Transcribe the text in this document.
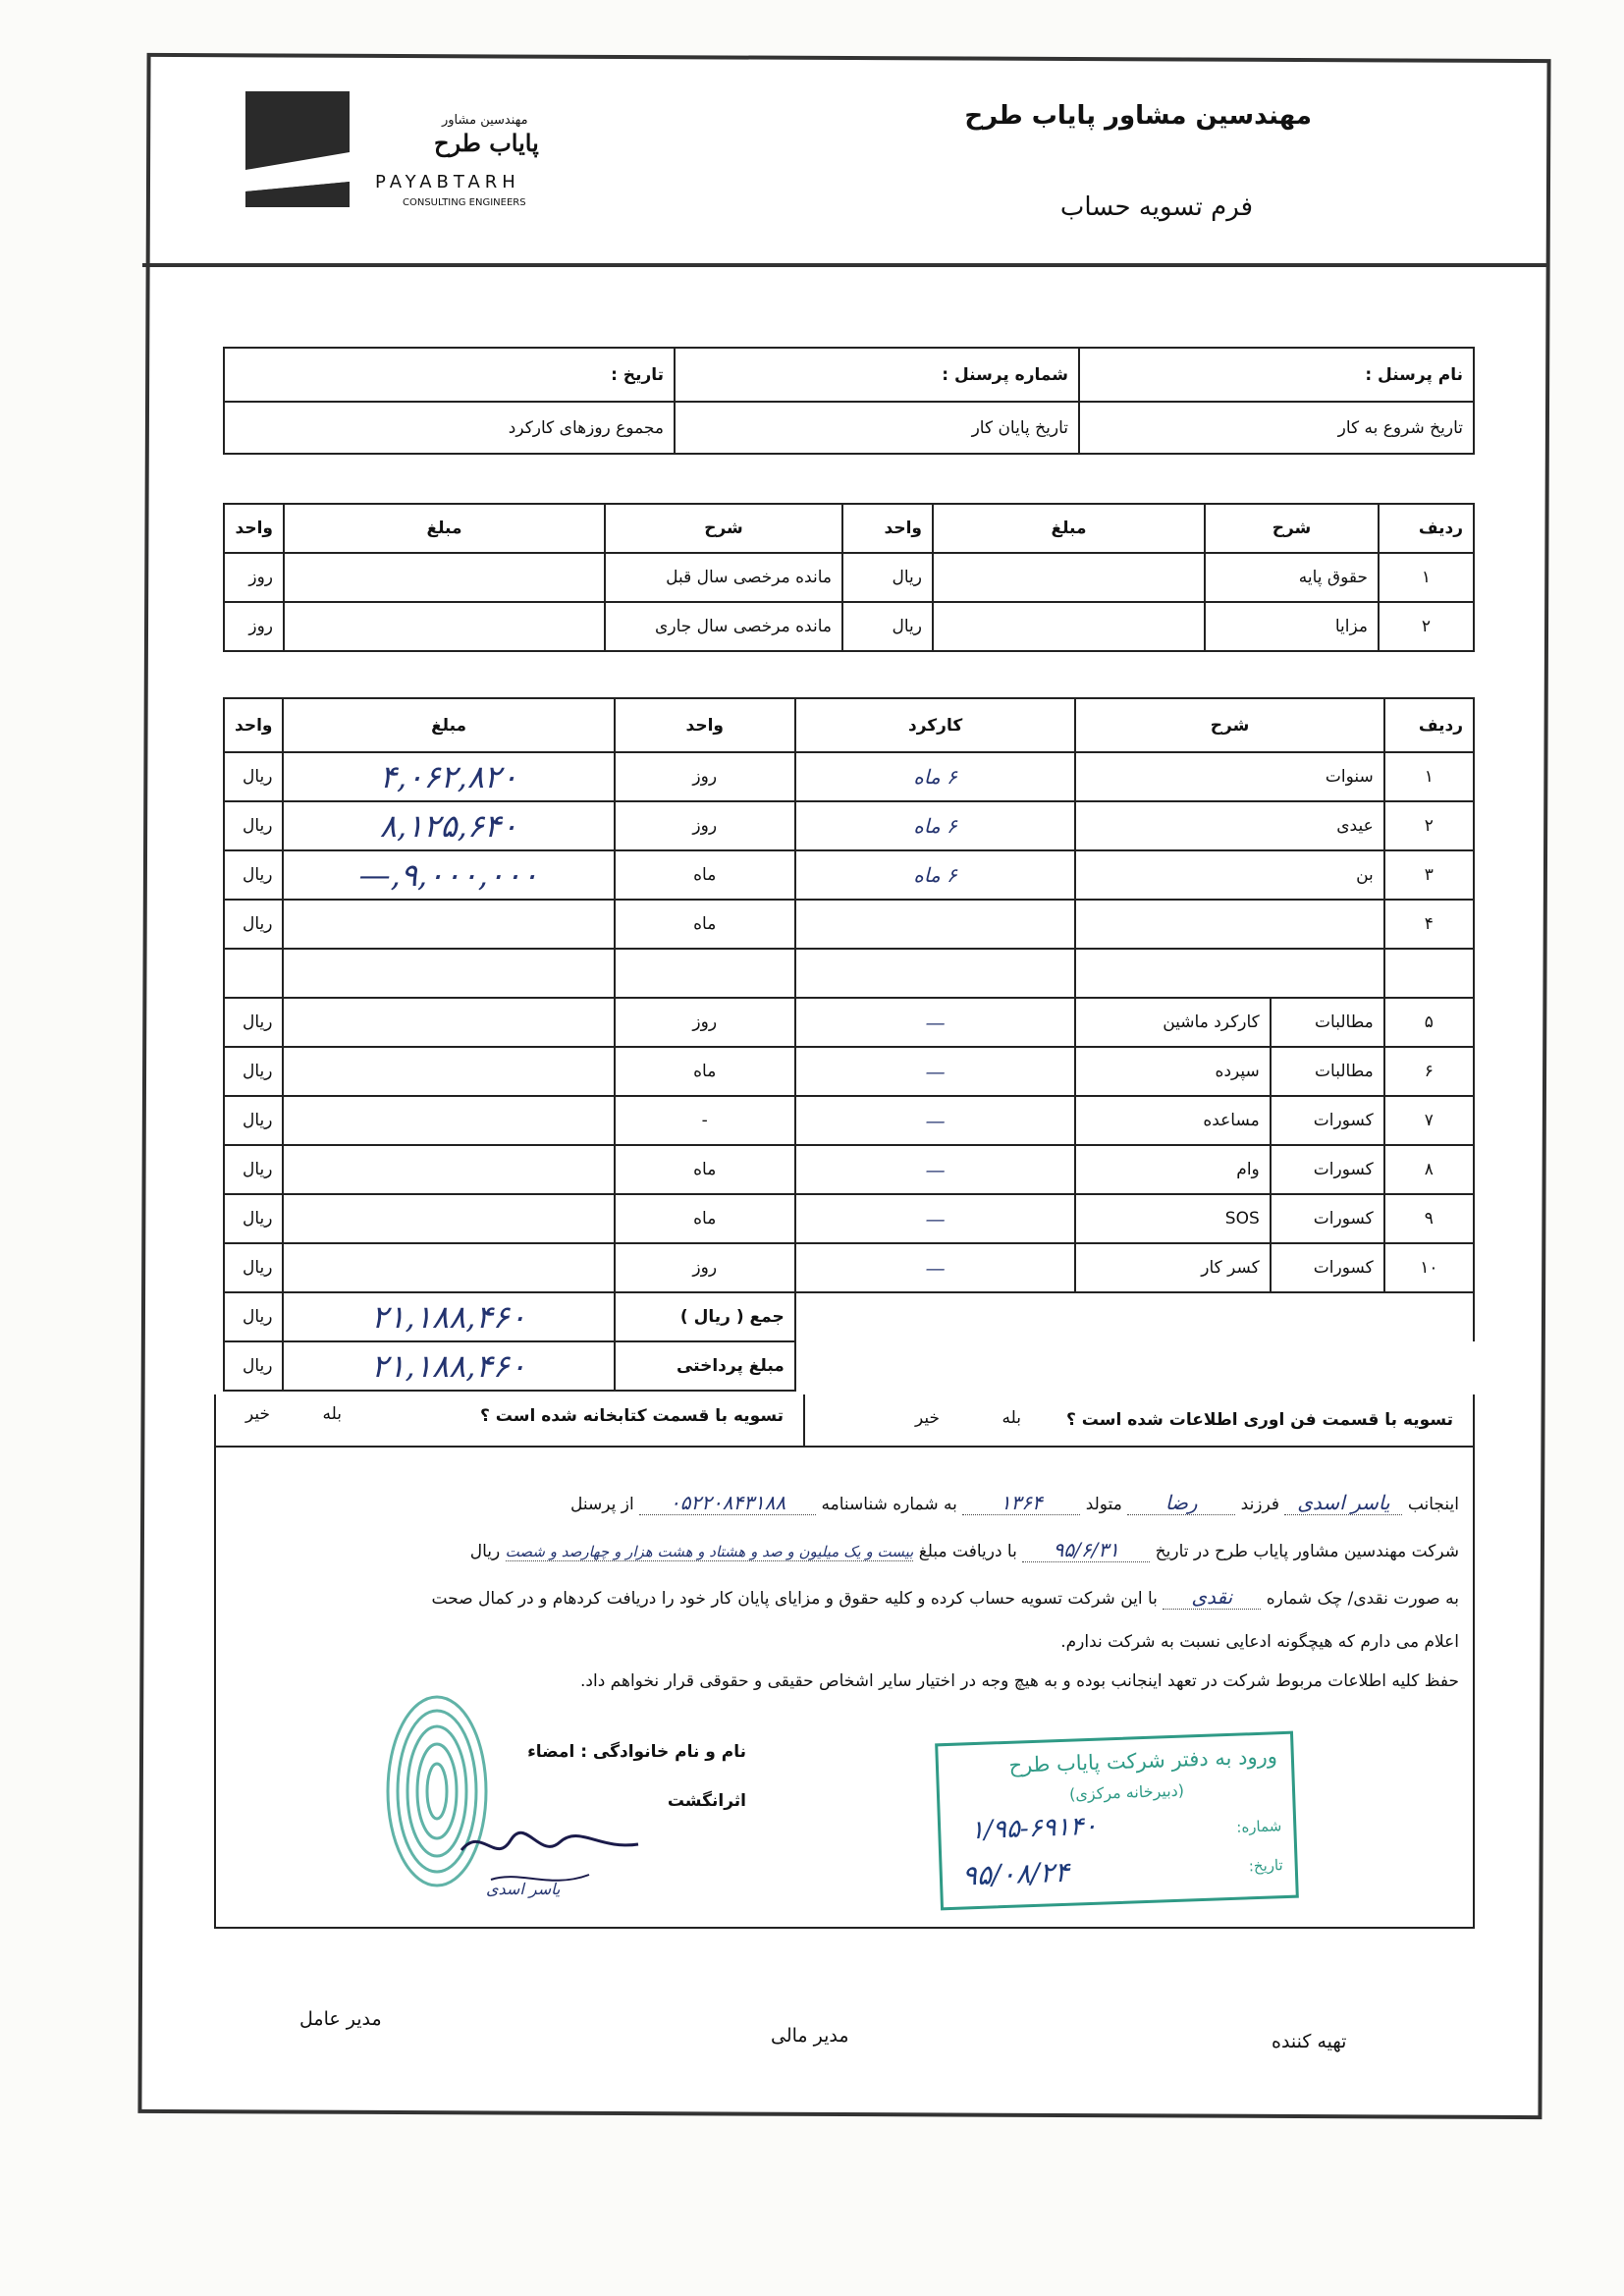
مهندسین مشاور
پایاب طرح
PAYABTARH
CONSULTING ENGINEERS
مهندسین مشاور پایاب طرح
فرم تسویه حساب
نام پرسنل :	شماره پرسنل :	تاریخ :
تاریخ شروع به کار	تاریخ پایان کار	مجموع روزهای کارکرد
ردیف	شرح	مبلغ	واحد	شرح	مبلغ	واحد
۱	حقوق پایه		ریال	مانده مرخصی سال قبل		روز
۲	مزایا		ریال	مانده مرخصی سال جاری		روز
ردیف	شرح		کارکرد	واحد	مبلغ	واحد
۱	سنوات		۶ ماه	روز	۴,۰۶۲,۸۲۰	ریال
۲	عیدی		۶ ماه	روز	۸,۱۲۵,۶۴۰	ریال
۳	بن		۶ ماه	ماه	۹,۰۰۰,۰۰۰,—	ریال
۴				ماه		ریال

۵	مطالبات	کارکرد ماشین	—	روز		ریال
۶	مطالبات	سپرده	—	ماه		ریال
۷	کسورات	مساعده	—	-		ریال
۸	کسورات	وام	—	ماه		ریال
۹	کسورات	SOS	—	ماه		ریال
۱۰	کسورات	کسر کار	—	روز		ریال
				جمع ( ریال )	۲۱,۱۸۸,۴۶۰	ریال
				مبلغ پرداختی	۲۱,۱۸۸,۴۶۰	ریال
تسویه با قسمت فن اوری اطلاعات شده است ؟
بله
خیر
تسویه با قسمت کتابخانه شده است ؟
بله
خیر
اینجانب یاسر اسدی فرزند رضا متولد ۱۳۶۴ به شماره شناسنامه ۰۵۲۲۰۸۴۳۱۸۸ از پرسنل
شرکت مهندسین مشاور پایاب طرح در تاریخ ۹۵/۶/۳۱ با دریافت مبلغ بیست و یک میلیون و صد و هشتاد و هشت هزار و چهارصد و شصت ریال
به صورت نقدی/ چک شماره نقدی با این شرکت تسویه حساب کرده و کلیه حقوق و مزایای پایان کار خود را دریافت کردهام و در کمال صحت
اعلام می دارم که هیچگونه ادعایی نسبت به شرکت ندارم.
حفظ کلیه اطلاعات مربوط شرکت در تعهد اینجانب بوده و به هیچ وجه در اختیار سایر اشخاص حقیقی و حقوقی قرار نخواهم داد.
نام و نام خانوادگی : امضاء
اثرانگشت
یاسر اسدی
ورود به دفتر شرکت پایاب طرح
(دبیرخانه مرکزی)
شماره:
۱/۹۵-۶۹۱۴۰
تاریخ:
۹۵/۰۸/۲۴
مدیر عامل
مدیر مالی	تهیه کننده
